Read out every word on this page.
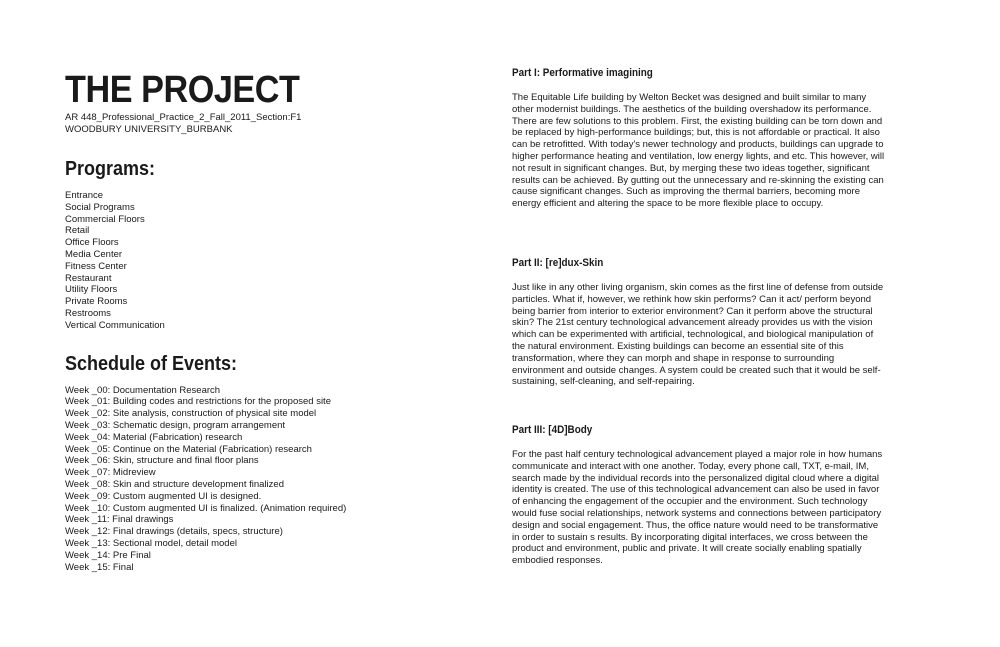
THE PROJECT

AR 448_Professional_Practice_2_Fall_2011_Section:F1
WOODBURY UNIVERSITY_BURBANK

Programs:
Entrance
Social Programs
Commercial Floors
Retail
Office Floors
Media Center
Fitness Center
Restaurant
Utility Floors
Private Rooms
Restrooms
Vertical Communication
Schedule of Events:
Week _00: Documentation Research
Week _01: Building codes and restrictions for the proposed site
Week _02: Site analysis, construction of physical site model
Week _03: Schematic design, program arrangement
Week _04: Material (Fabrication) research
Week _05: Continue on the Material (Fabrication) research
Week _06: Skin, structure and final floor plans
Week _07: Midreview
Week _08: Skin and structure development finalized
Week _09: Custom augmented UI is designed.
Week _10: Custom augmented UI is finalized. (Animation required)
Week _11: Final drawings
Week _12: Final drawings (details, specs, structure)
Week _13: Sectional model, detail model
Week _14: Pre Final
Week _15: Final
Part I: Performative imagining

The Equitable Life building by Welton Becket was designed and built similar to many other modernist buildings. The aesthetics of the building overshadow its performance. There are few solutions to this problem. First, the existing building can be torn down and be replaced by high-performance buildings; but, this is not affordable or practical. It also can be retrofitted. With today's newer technology and products, buildings can upgrade to higher performance heating and ventilation, low energy lights, and etc. This however, will not result in significant changes. But, by merging these two ideas together, significant results can be achieved. By gutting out the unnecessary and re-skinning the existing can cause significant changes. Such as improving the thermal barriers, becoming more energy efficient and altering the space to be more flexible place to occupy.

Part II: [re]dux-Skin

Just like in any other living organism, skin comes as the first line of defense from outside particles. What if, however, we rethink how skin performs? Can it act/ perform beyond being barrier from interior to exterior environment? Can it perform above the structural skin? The 21st century technological advancement already provides us with the vision which can be experimented with artificial, technological, and biological manipulation of the natural environment. Existing buildings can become an essential site of this transformation, where they can morph and shape in response to surrounding environment and outside changes. A system could be created such that it would be self-sustaining, self-cleaning, and self-repairing.

Part III: [4D]Body

For the past half century technological advancement played a major role in how humans communicate and interact with one another. Today, every phone call, TXT, e-mail, IM, search made by the individual records into the personalized digital cloud where a digital identity is created. The use of this technological advancement can also be used in favor of enhancing the engagement of the occupier and the environment. Such technology would fuse social relationships, network systems and connections between participatory design and social engagement. Thus, the office nature would need to be transformative in order to sustain s results. By incorporating digital interfaces, we cross between the product and environment, public and private. It will create socially enabling spatially embodied responses.
